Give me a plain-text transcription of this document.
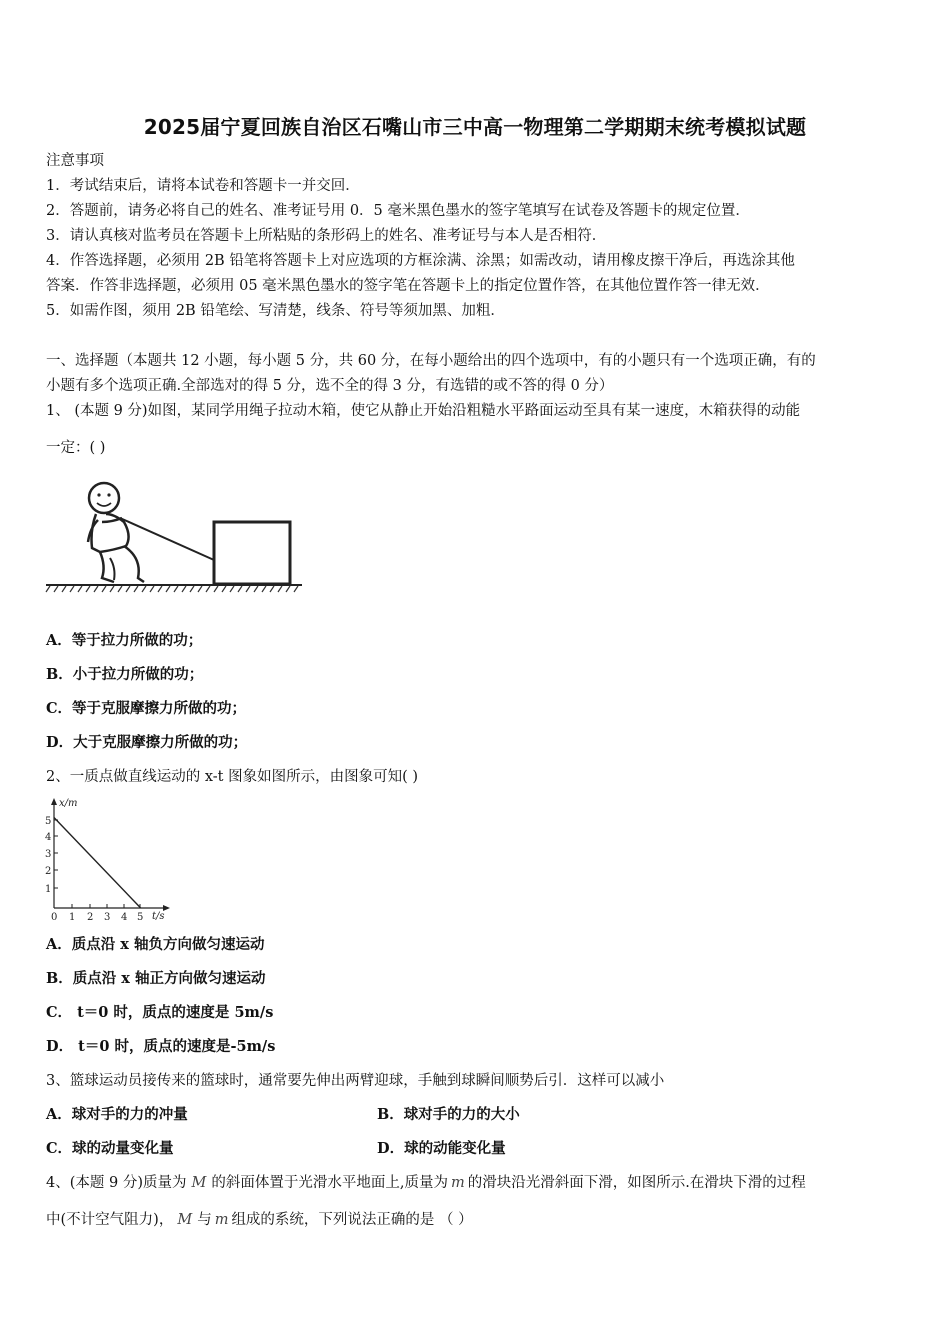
2025届宁夏回族自治区石嘴山市三中高一物理第二学期期末统考模拟试题
注意事项
1．考试结束后，请将本试卷和答题卡一并交回．
2．答题前，请务必将自己的姓名、准考证号用 0．5 毫米黑色墨水的签字笔填写在试卷及答题卡的规定位置．
3．请认真核对监考员在答题卡上所粘贴的条形码上的姓名、准考证号与本人是否相符．
4．作答选择题，必须用 2B 铅笔将答题卡上对应选项的方框涂满、涂黑；如需改动，请用橡皮擦干净后，再选涂其他
答案．作答非选择题，必须用 05 毫米黑色墨水的签字笔在答题卡上的指定位置作答，在其他位置作答一律无效．
5．如需作图，须用 2B 铅笔绘、写清楚，线条、符号等须加黑、加粗．
一、选择题（本题共 12 小题，每小题 5 分，共 60 分，在每小题给出的四个选项中，有的小题只有一个选项正确，有的
小题有多个选项正确.全部选对的得 5 分，选不全的得 3 分，有选错的或不答的得 0 分）
1、 (本题 9 分)如图，某同学用绳子拉动木箱，使它从静止开始沿粗糙水平路面运动至具有某一速度，木箱获得的动能
一定：( )
A．等于拉力所做的功；
B．小于拉力所做的功；
C．等于克服摩擦力所做的功；
D．大于克服摩擦力所做的功；
2、一质点做直线运动的 x-t 图象如图所示，由图象可知( )
x/m
t/s
1
2
3
4
5
0 1 2 3 4 5
A．质点沿 x 轴负方向做匀速运动
B．质点沿 x 轴正方向做匀速运动
C． t＝0 时，质点的速度是 5m/s
D． t＝0 时，质点的速度是-5m/s
3、篮球运动员接传来的篮球时，通常要先伸出两臂迎球，手触到球瞬间顺势后引．这样可以减小
A．球对手的力的冲量	B．球对手的力的大小
C．球的动量变化量	D．球的动能变化量
4、(本题 9 分)质量为 M 的斜面体置于光滑水平地面上,质量为 m 的滑块沿光滑斜面下滑，如图所示.在滑块下滑的过程
中(不计空气阻力)， M 与 m 组成的系统，下列说法正确的是 （ ）
